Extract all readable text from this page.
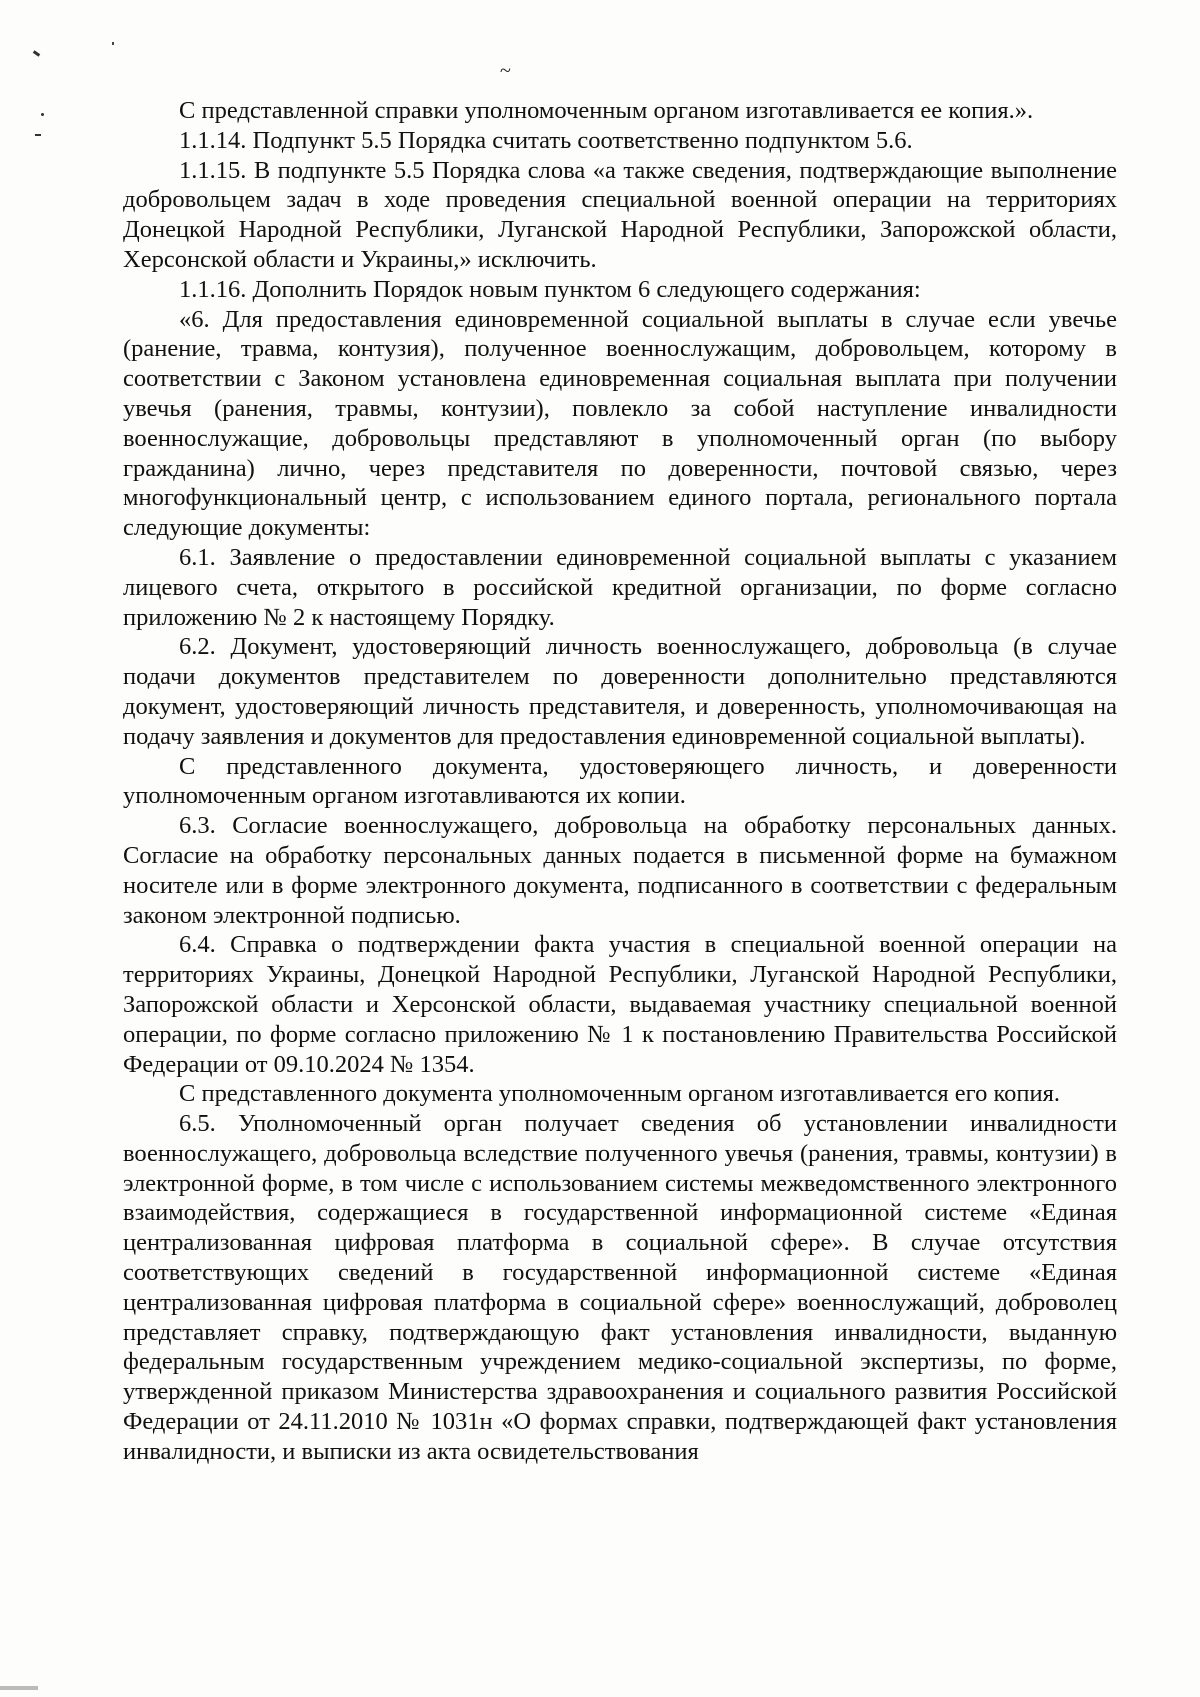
~

С представленной справки уполномоченным органом изготавливается ее копия.».

1.1.14. Подпункт 5.5 Порядка считать соответственно подпунктом 5.6.

1.1.15. В подпункте 5.5 Порядка слова «а также сведения, подтверждающие выполнение добровольцем задач в ходе проведения специальной военной операции на территориях Донецкой Народной Республики, Луганской Народной Республики, Запорожской области, Херсонской области и Украины,» исключить.

1.1.16. Дополнить Порядок новым пунктом 6 следующего содержания:

«6. Для предоставления единовременной социальной выплаты в случае если увечье (ранение, травма, контузия), полученное военнослужащим, добровольцем, которому в соответствии с Законом установлена единовременная социальная выплата при получении увечья (ранения, травмы, контузии), повлекло за собой наступление инвалидности военнослужащие, добровольцы представляют в уполномоченный орган (по выбору гражданина) лично, через представителя по доверенности, почтовой связью, через многофункциональный центр, с использованием единого портала, регионального портала следующие документы:

6.1. Заявление о предоставлении единовременной социальной выплаты с указанием лицевого счета, открытого в российской кредитной организации, по форме согласно приложению № 2 к настоящему Порядку.

6.2. Документ, удостоверяющий личность военнослужащего, добровольца (в случае подачи документов представителем по доверенности дополнительно представляются документ, удостоверяющий личность представителя, и доверенность, уполномочивающая на подачу заявления и документов для предоставления единовременной социальной выплаты).

С представленного документа, удостоверяющего личность, и доверенности уполномоченным органом изготавливаются их копии.

6.3. Согласие военнослужащего, добровольца на обработку персональных данных. Согласие на обработку персональных данных подается в письменной форме на бумажном носителе или в форме электронного документа, подписанного в соответствии с федеральным законом электронной подписью.

6.4. Справка о подтверждении факта участия в специальной военной операции на территориях Украины, Донецкой Народной Республики, Луганской Народной Республики, Запорожской области и Херсонской области, выдаваемая участнику специальной военной операции, по форме согласно приложению № 1 к постановлению Правительства Российской Федерации от 09.10.2024 № 1354.

С представленного документа уполномоченным органом изготавливается его копия.

6.5. Уполномоченный орган получает сведения об установлении инвалидности военнослужащего, добровольца вследствие полученного увечья (ранения, травмы, контузии) в электронной форме, в том числе с использованием системы межведомственного электронного взаимодействия, содержащиеся в государственной информационной системе «Единая централизованная цифровая платформа в социальной сфере». В случае отсутствия соответствующих сведений в государственной информационной системе «Единая централизованная цифровая платформа в социальной сфере» военнослужащий, доброволец представляет справку, подтверждающую факт установления инвалидности, выданную федеральным государственным учреждением медико-социальной экспертизы, по форме, утвержденной приказом Министерства здравоохранения и социального развития Российской Федерации от 24.11.2010 № 1031н «О формах справки, подтверждающей факт установления инвалидности, и выписки из акта освидетельствования
